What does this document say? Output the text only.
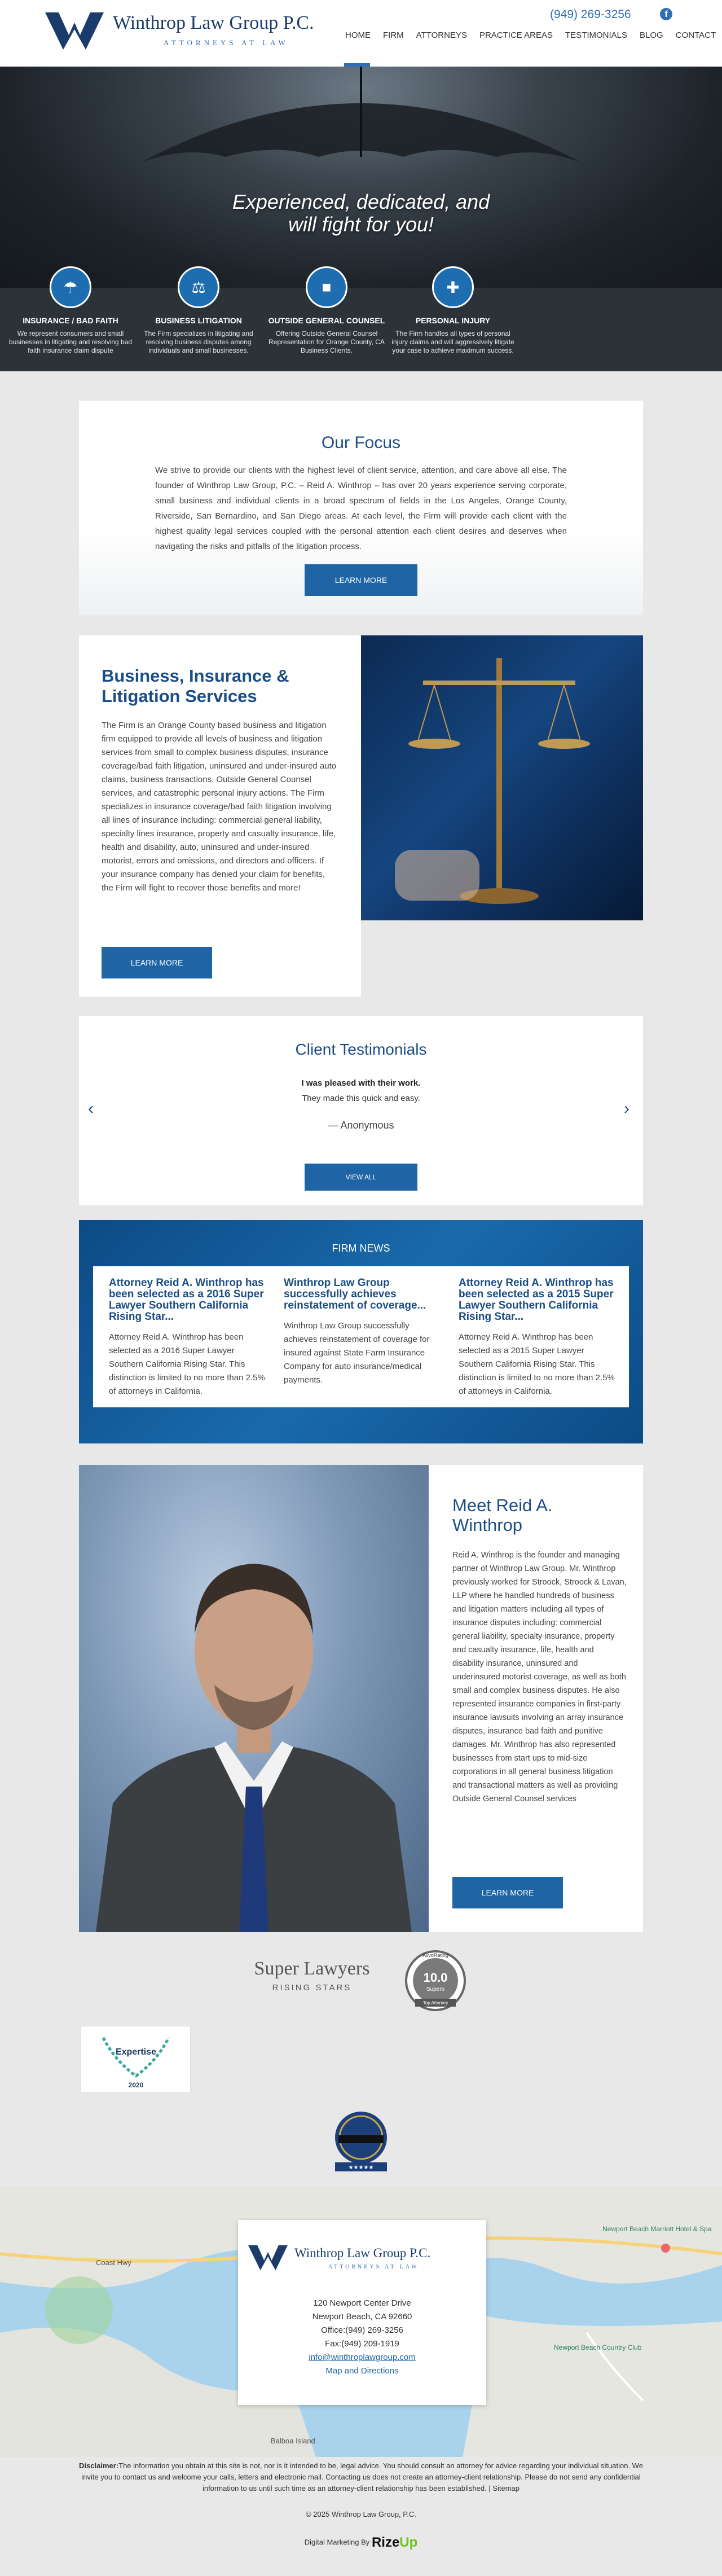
Winthrop Law Group P.C.
ATTORNEYS AT LAW
(949) 269-3256	f
HOME FIRM ATTORNEYS PRACTICE AREAS TESTIMONIALS BLOG CONTACT
Experienced, dedicated, and
will fight for you!
☂
INSURANCE / BAD FAITH

We represent consumers and small businesses in litigating and resolving bad faith insurance claim dispute

⚖
BUSINESS LITIGATION

The Firm specializes in litigating and resolving business disputes among individuals and small businesses.

■
OUTSIDE GENERAL COUNSEL

Offering Outside General Counsel Representation for Orange County, CA Business Clients.

✚
PERSONAL INJURY

The Firm handles all types of personal injury claims and will aggressively litigate your case to achieve maximum success.

Our Focus

We strive to provide our clients with the highest level of client service, attention, and care above all else. The founder of Winthrop Law Group, P.C. – Reid A. Winthrop – has over 20 years experience serving corporate, small business and individual clients in a broad spectrum of fields in the Los Angeles, Orange County, Riverside, San Bernardino, and San Diego areas. At each level, the Firm will provide each client with the highest quality legal services coupled with the personal attention each client desires and deserves when navigating the risks and pitfalls of the litigation process.

LEARN MORE
Business, Insurance & Litigation Services

The Firm is an Orange County based business and litigation firm equipped to provide all levels of business and litigation services from small to complex business disputes, insurance coverage/bad faith litigation, uninsured and under-insured auto claims, business transactions, Outside General Counsel services, and catastrophic personal injury actions. The Firm specializes in insurance coverage/bad faith litigation involving all lines of insurance including: commercial general liability, specialty lines insurance, property and casualty insurance, life, health and disability, auto, uninsured and under-insured motorist, errors and omissions, and directors and officers. If your insurance company has denied your claim for benefits, the Firm will fight to recover those benefits and more!

LEARN MORE
Client Testimonials
I was pleased with their work.
They made this quick and easy.
— Anonymous
‹	›
VIEW ALL
FIRM NEWS
Attorney Reid A. Winthrop has been selected as a 2016 Super Lawyer Southern California Rising Star...

Attorney Reid A. Winthrop has been selected as a 2016 Super Lawyer Southern California Rising Star. This distinction is limited to no more than 2.5% of attorneys in California.

Winthrop Law Group successfully achieves reinstatement of coverage...

Winthrop Law Group successfully achieves reinstatement of coverage for insured against State Farm Insurance Company for auto insurance/medical payments.

Attorney Reid A. Winthrop has been selected as a 2015 Super Lawyer Southern California Rising Star...

Attorney Reid A. Winthrop has been selected as a 2015 Super Lawyer Southern California Rising Star. This distinction is limited to no more than 2.5% of attorneys in California.

Meet Reid A. Winthrop

Reid A. Winthrop is the founder and managing partner of Winthrop Law Group. Mr. Winthrop previously worked for Stroock, Stroock & Lavan, LLP where he handled hundreds of business and litigation matters including all types of insurance disputes including: commercial general liability, specialty insurance, property and casualty insurance, life, health and disability insurance, uninsured and underinsured motorist coverage, as well as both small and complex business disputes. He also represented insurance companies in first-party insurance lawsuits involving an array insurance disputes, insurance bad faith and punitive damages. Mr. Winthrop has also represented businesses from start ups to mid-size corporations in all general business litigation and transactional matters as well as providing Outside General Counsel services

LEARN MORE
Super Lawyers
RISING STARS
AvvoRating
10.0
Superb
Top Attorney
Expertise
2020
★★★★★
Coast Hwy
Newport Beach Marriott Hotel & Spa
Newport Beach Country Club
Balboa Island
Winthrop Law Group P.C.
ATTORNEYS AT LAW
120 Newport Center Drive
Newport Beach, CA 92660
Office:(949) 269-3256
Fax:(949) 209-1919
info@winthroplawgroup.com
Map and Directions
Disclaimer:The information you obtain at this site is not, nor is it intended to be, legal advice. You should consult an attorney for advice regarding your individual situation. We invite you to contact us and welcome your calls, letters and electronic mail. Contacting us does not create an attorney-client relationship. Please do not send any confidential information to us until such time as an attorney-client relationship has been established. | Sitemap
© 2025 Winthrop Law Group, P.C.
Digital Marketing By RizeUp
